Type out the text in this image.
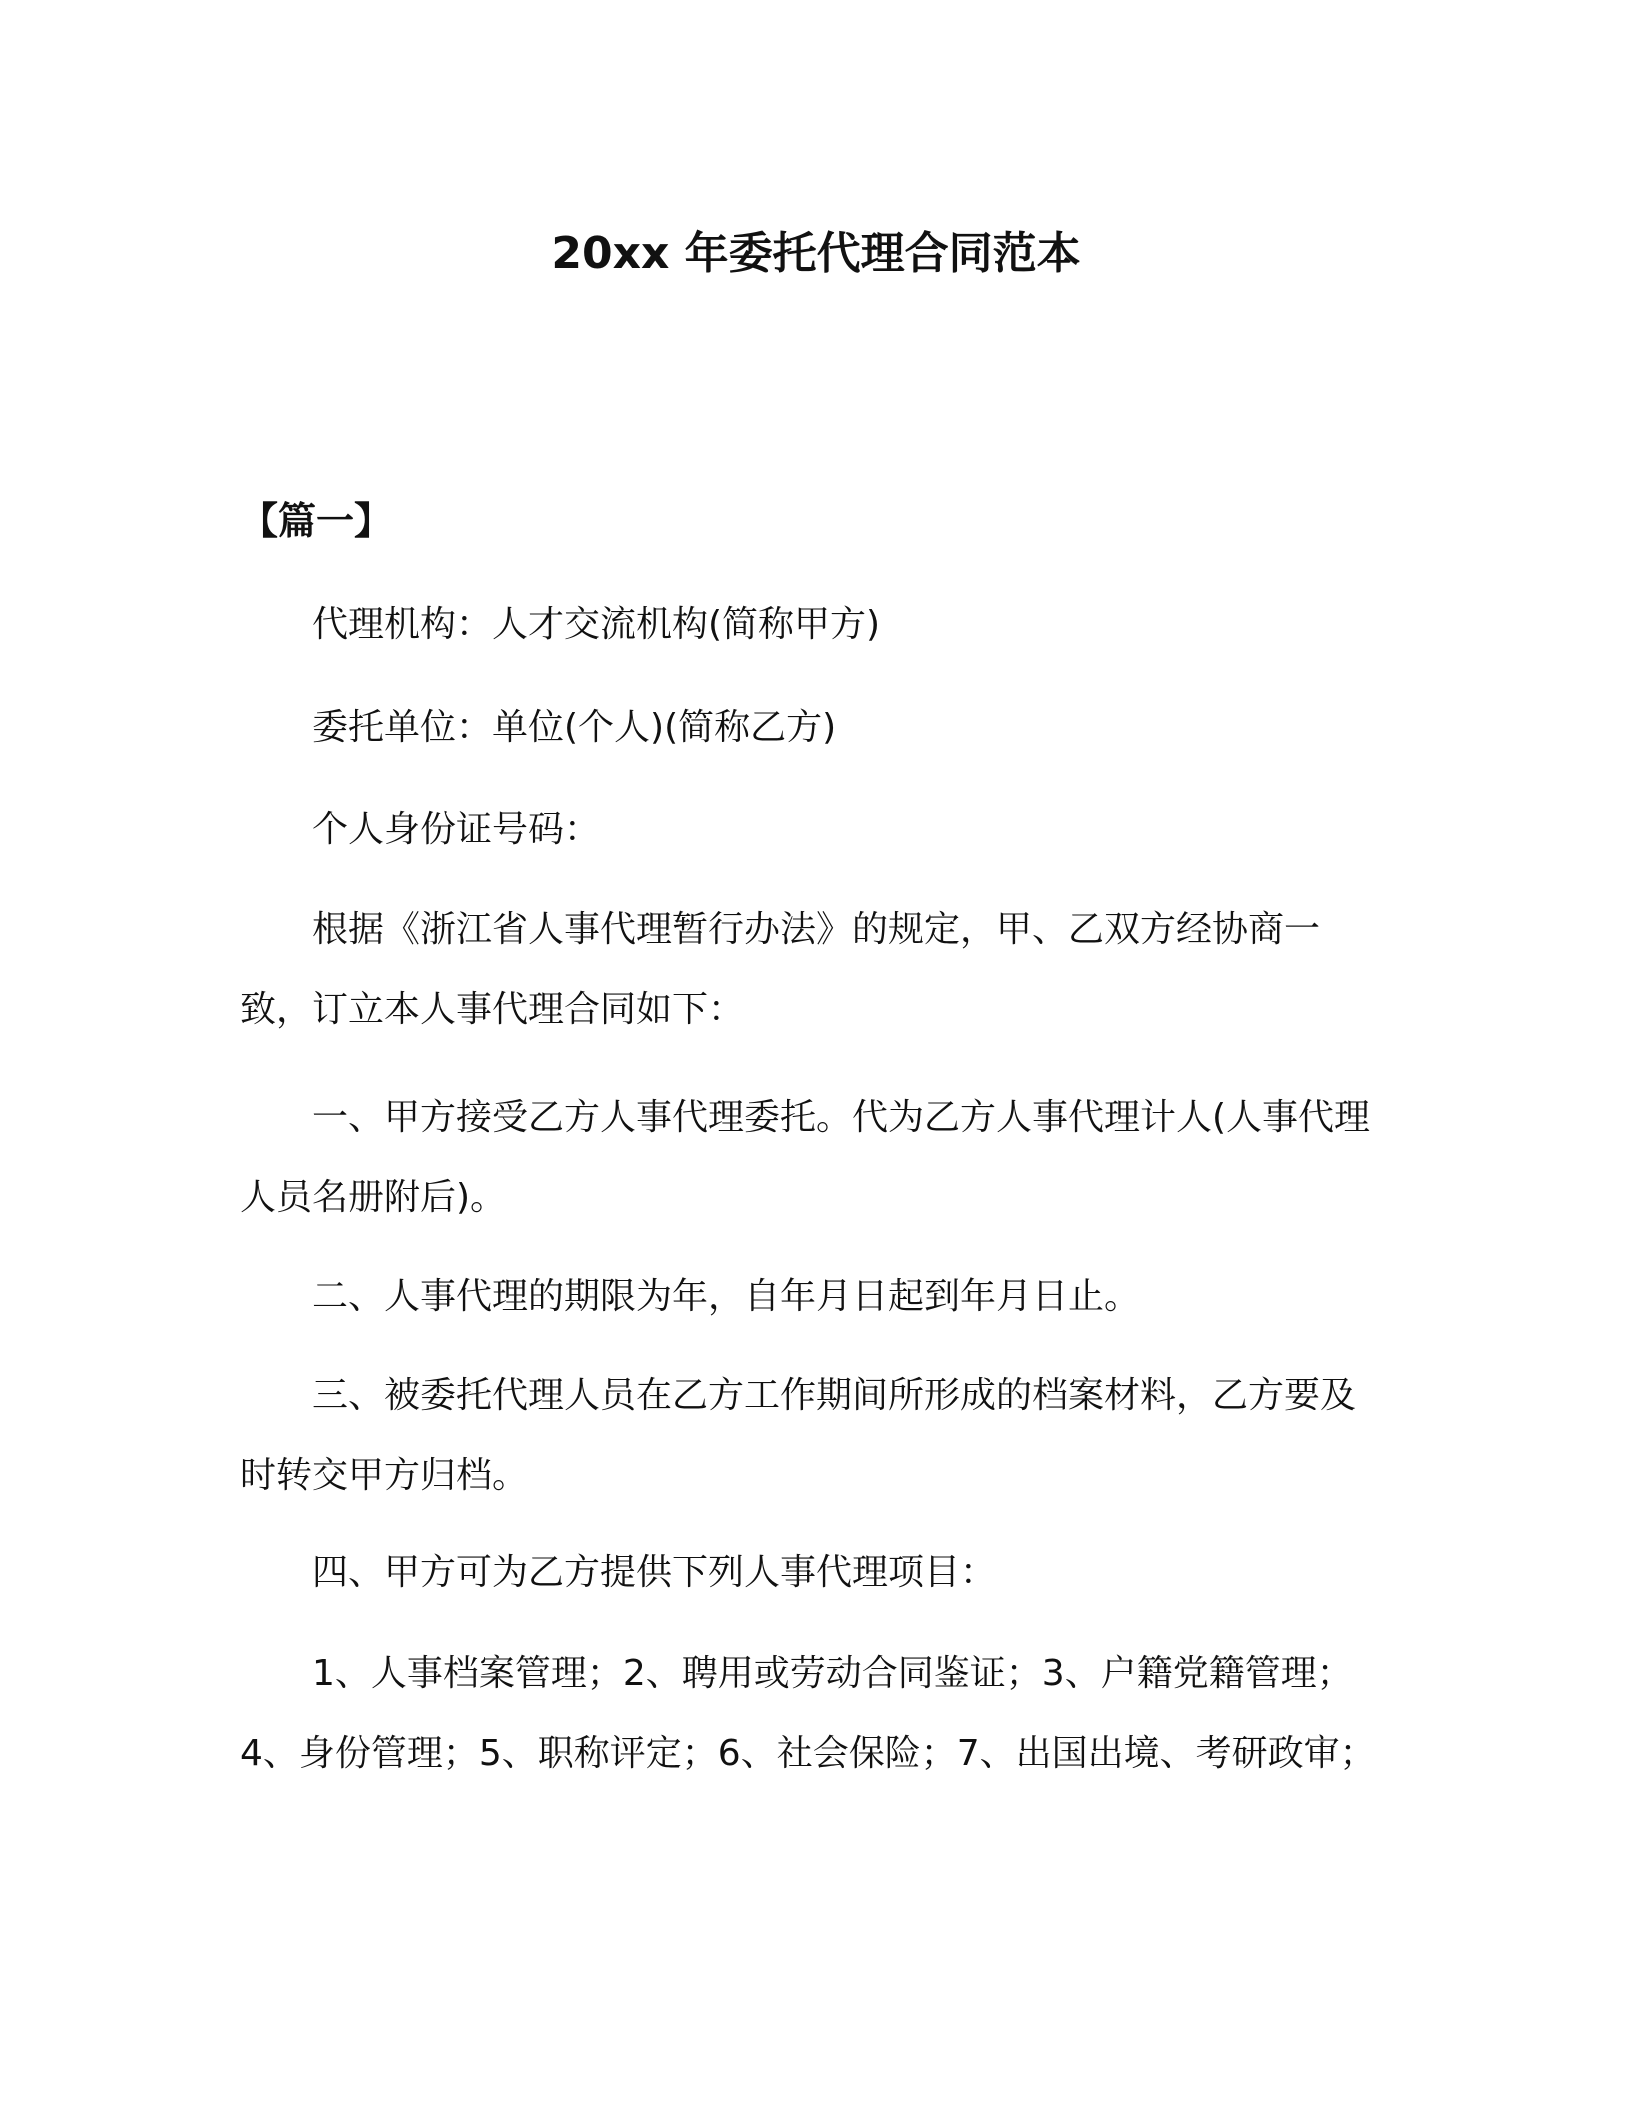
20xx 年委托代理合同范本
【篇一】

代理机构：人才交流机构(简称甲方)

委托单位：单位(个人)(简称乙方)

个人身份证号码：

根据《浙江省人事代理暂行办法》的规定，甲、乙双方经协商一致，订立本人事代理合同如下：

一、甲方接受乙方人事代理委托。代为乙方人事代理计人(人事代理人员名册附后)。

二、人事代理的期限为年，自年月日起到年月日止。

三、被委托代理人员在乙方工作期间所形成的档案材料，乙方要及时转交甲方归档。

四、甲方可为乙方提供下列人事代理项目：

1、人事档案管理；2、聘用或劳动合同鉴证；3、户籍党籍管理；4、身份管理；5、职称评定；6、社会保险；7、出国出境、考研政审；
